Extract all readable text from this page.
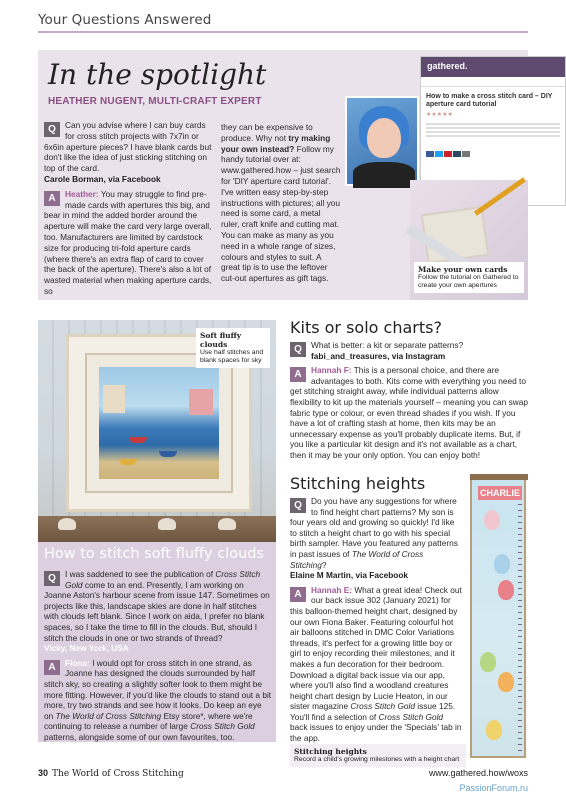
Your Questions Answered
In the spotlight
HEATHER NUGENT, MULTI-CRAFT EXPERT
Q	Can you advise where I can buy cards for cross stitch projects with 7x7in or 6x6in aperture pieces? I have blank cards but don't like the idea of just sticking stitching on top of the card.
Carole Borman, via Facebook
A	Heather: You may struggle to find pre-made cards with apertures this big, and bear in mind the added border around the aperture will make the card very large overall, too. Manufacturers are limited by cardstock size for producing tri-fold aperture cards (where there's an extra flap of card to cover the back of the aperture). There's also a lot of wasted material when making aperture cards, so
they can be expensive to produce. Why not try making your own instead? Follow my handy tutorial over at: www.gathered.how – just search for 'DIY aperture card tutorial'. I've written easy step-by-step instructions with pictures; all you need is some card, a metal ruler, craft knife and cutting mat. You can make as many as you need in a whole range of sizes, colours and styles to suit. A great tip is to use the leftover cut-out apertures as gift tags.
gathered.

How to make a cross stitch card – DIY aperture card tutorial
★★★★★
Make your own cards
Follow the tutorial on Gathered to create your own apertures
Soft fluffy clouds
Use half stitches and blank spaces for sky
How to stitch soft fluffy clouds
Q	I was saddened to see the publication of Cross Stitch Gold come to an end. Presently, I am working on Joanne Aston's harbour scene from issue 147. Sometimes on projects like this, landscape skies are done in half stitches with clouds left blank. Since I work on aida, I prefer no blank spaces, so I take the time to fill in the clouds. But, should I stitch the clouds in one or two strands of thread?
Vicky, New York, USA
A	Fiona: I would opt for cross stitch in one strand, as Joanne has designed the clouds surrounded by half stitch sky, so creating a slightly softer look to them might be more fitting. However, if you'd like the clouds to stand out a bit more, try two strands and see how it looks. Do keep an eye on The World of Cross Stitching Etsy store*, where we're continuing to release a number of large Cross Stitch Gold patterns, alongside some of our own favourites, too.
Kits or solo charts?
Q	What is better: a kit or separate patterns?
fabi_and_treasures, via Instagram
A	Hannah F: This is a personal choice, and there are advantages to both. Kits come with everything you need to get stitching straight away, while individual patterns allow flexibility to kit up the materials yourself – meaning you can swap fabric type or colour, or even thread shades if you wish. If you have a lot of crafting stash at home, then kits may be an unnecessary expense as you'll probably duplicate items. But, if you like a particular kit design and it's not available as a chart, then it may be your only option. You can enjoy both!
Stitching heights

Q	Do you have any suggestions for where to find height chart patterns? My son is four years old and growing so quickly! I'd like to stitch a height chart to go with his special birth sampler. Have you featured any patterns in past issues of The World of Cross Stitching?
Elaine M Martin, via Facebook

A	Hannah E: What a great idea! Check out our back issue 302 (January 2021) for this balloon-themed height chart, designed by our own Fiona Baker. Featuring colourful hot air balloons stitched in DMC Color Variations threads, it's perfect for a growing little boy or girl to enjoy recording their milestones, and it makes a fun decoration for their bedroom. Download a digital back issue via our app, where you'll also find a woodland creatures height chart design by Lucie Heaton, in our sister magazine Cross Stitch Gold issue 125. You'll find a selection of Cross Stitch Gold back issues to enjoy under the 'Specials' tab in the app.

CHARLIE
Stitching heights
Record a child's growing milestones with a height chart
30 The World of Cross Stitching	www.gathered.how/woxs
PassionForum.ru
